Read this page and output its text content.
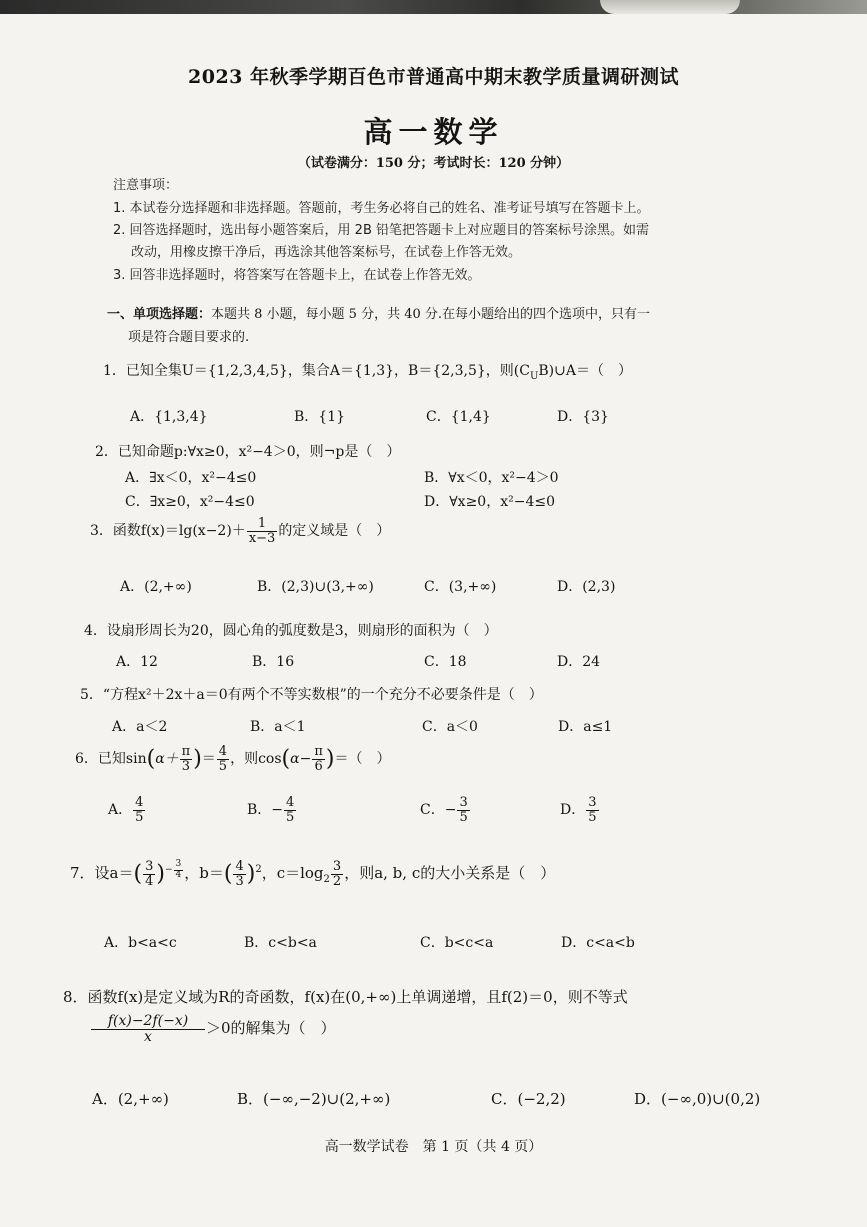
2023 年秋季学期百色市普通高中期末教学质量调研测试
高一数学
（试卷满分：150 分；考试时长：120 分钟）
注意事项：
1. 本试卷分选择题和非选择题。答题前，考生务必将自己的姓名、准考证号填写在答题卡上。
2. 回答选择题时，选出每小题答案后，用 2B 铅笔把答题卡上对应题目的答案标号涂黑。如需
改动，用橡皮擦干净后，再选涂其他答案标号，在试卷上作答无效。
3. 回答非选择题时，将答案写在答题卡上，在试卷上作答无效。
一、单项选择题：本题共 8 小题，每小题 5 分，共 40 分.在每小题给出的四个选项中，只有一
项是符合题目要求的.
1．已知全集U＝{1,2,3,4,5}，集合A＝{1,3}，B＝{2,3,5}，则$(C_UB)\cup A=$（　）
A．{1,3,4}	B．{1}	C．{1,4}	D．{3}
2．已知命题p:∀x≥0，x²−4＞0，则¬p是（　）
A．∃x＜0，x²−4≤0	B．∀x＜0，x²−4＞0
C．∃x≥0，x²−4≤0	D．∀x≥0，x²−4≤0
3．函数$f(x)=\lg(x-2)+ \frac{1}{x-3}$ 的定义域是（　）
A．(2,+∞)	B．(2,3)∪(3,+∞)	C．(3,+∞)	D．(2,3)
4．设扇形周长为20，圆心角的弧度数是3，则扇形的面积为（　）
A．12	B．16	C．18	D．24
5．“方程x²＋2x＋a＝0有两个不等实数根”的一个充分不必要条件是（　）
A．a＜2	B．a＜1	C．a＜0	D．a≤1
6．已知$\sin(\alpha+ \frac{\pi}{3}$ )＝ $\frac{4}{5}$ ，则$\cos(\alpha- \frac{\pi}{6}$ )＝（　）
A． $\frac{4}{5}$	B．− $\frac{4}{5}$	C．− $\frac{3}{5}$	D． $\frac{3}{5}$
7．设$a=( \frac{3}{4}$ ) $^{- \frac{3}{4}}$ ，$b=( \frac{4}{3} )^2$，$c=\log_2 \frac{3}{2}$ ，则a, b, c的大小关系是（　）
A．b<a<c	B．c<b<a	C．b<c<a	D．c<a<b
8．函数f(x)是定义域为R的奇函数，f(x)在(0,+∞)上单调递增，且f(2)＝0，则不等式
$\frac{f(x)-2f(-x)}{x} >0$的解集为（　）
A．(2,+∞)	B．(−∞,−2)∪(2,+∞)	C．(−2,2)	D．(−∞,0)∪(0,2)
高一数学试卷　第 1 页（共 4 页）
